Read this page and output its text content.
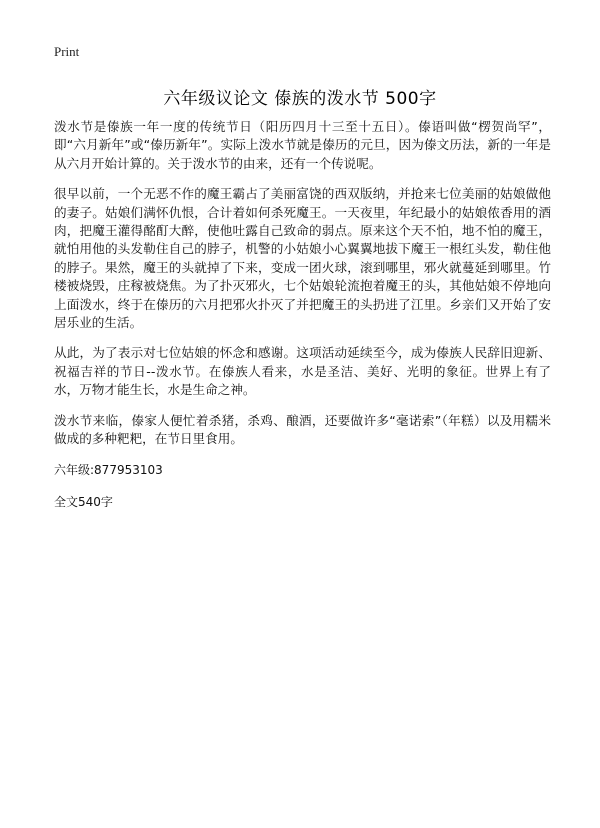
Print
六年级议论文 傣族的泼水节 500字

泼水节是傣族一年一度的传统节日（阳历四月十三至十五日）。傣语叫做“楞贺尚罕”，即“六月新年”或“傣历新年”。实际上泼水节就是傣历的元旦，因为傣文历法，新的一年是从六月开始计算的。关于泼水节的由来，还有一个传说呢。

很早以前，一个无恶不作的魔王霸占了美丽富饶的西双版纳，并抢来七位美丽的姑娘做他的妻子。姑娘们满怀仇恨，合计着如何杀死魔王。一天夜里，年纪最小的姑娘侬香用的酒肉，把魔王灌得酩酊大醉，使他吐露自己致命的弱点。原来这个天不怕，地不怕的魔王，就怕用他的头发勒住自己的脖子，机警的小姑娘小心翼翼地拔下魔王一根红头发，勒住他的脖子。果然，魔王的头就掉了下来，变成一团火球，滚到哪里，邪火就蔓延到哪里。竹楼被烧毁，庄稼被烧焦。为了扑灭邪火，七个姑娘轮流抱着魔王的头，其他姑娘不停地向上面泼水，终于在傣历的六月把邪火扑灭了并把魔王的头扔进了江里。乡亲们又开始了安居乐业的生活。

从此，为了表示对七位姑娘的怀念和感谢。这项活动延续至今，成为傣族人民辞旧迎新、祝福吉祥的节日--泼水节。在傣族人看来，水是圣洁、美好、光明的象征。世界上有了水，万物才能生长，水是生命之神。

泼水节来临，傣家人便忙着杀猪，杀鸡、酿酒，还要做许多“毫诺索”（年糕）以及用糯米做成的多种粑粑，在节日里食用。

六年级:877953103

全文540字
